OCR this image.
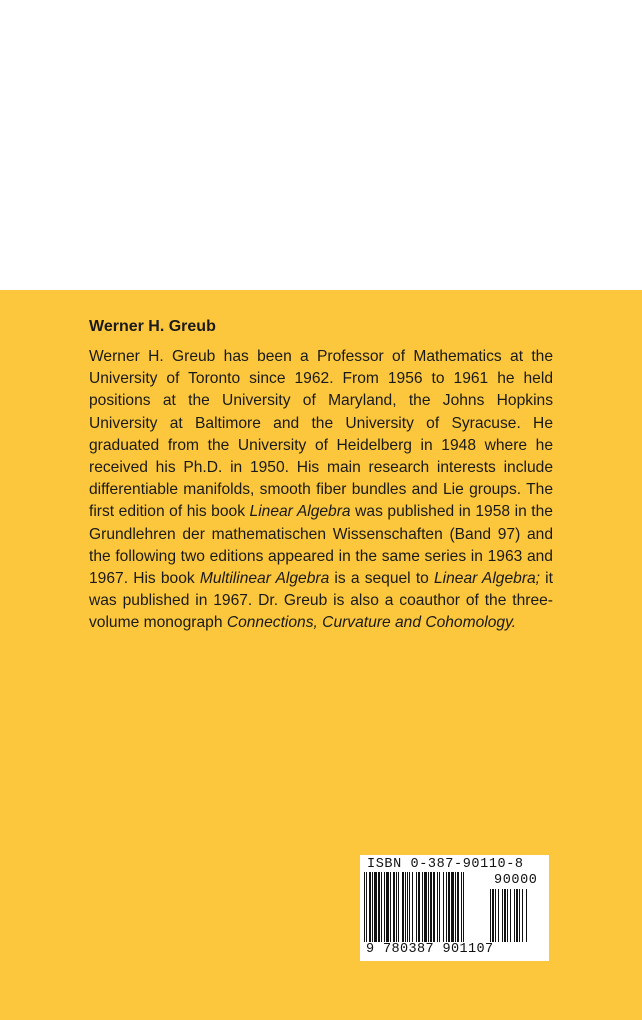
Werner H. Greub

Werner H. Greub has been a Professor of Mathematics at the University of Toronto since 1962. From 1956 to 1961 he held positions at the University of Maryland, the Johns Hopkins University at Baltimore and the University of Syracuse. He graduated from the University of Heidelberg in 1948 where he received his Ph.D. in 1950. His main research interests include differentiable manifolds, smooth fiber bundles and Lie groups. The first edition of his book Linear Algebra was published in 1958 in the Grundlehren der mathematischen Wissenschaften (Band 97) and the following two editions appeared in the same series in 1963 and 1967. His book Multilinear Algebra is a sequel to Linear Algebra; it was published in 1967. Dr. Greub is also a coauthor of the three-volume monograph Connections, Curvature and Cohomology.

ISBN 0-387-90110-8
90000
9 780387 901107
